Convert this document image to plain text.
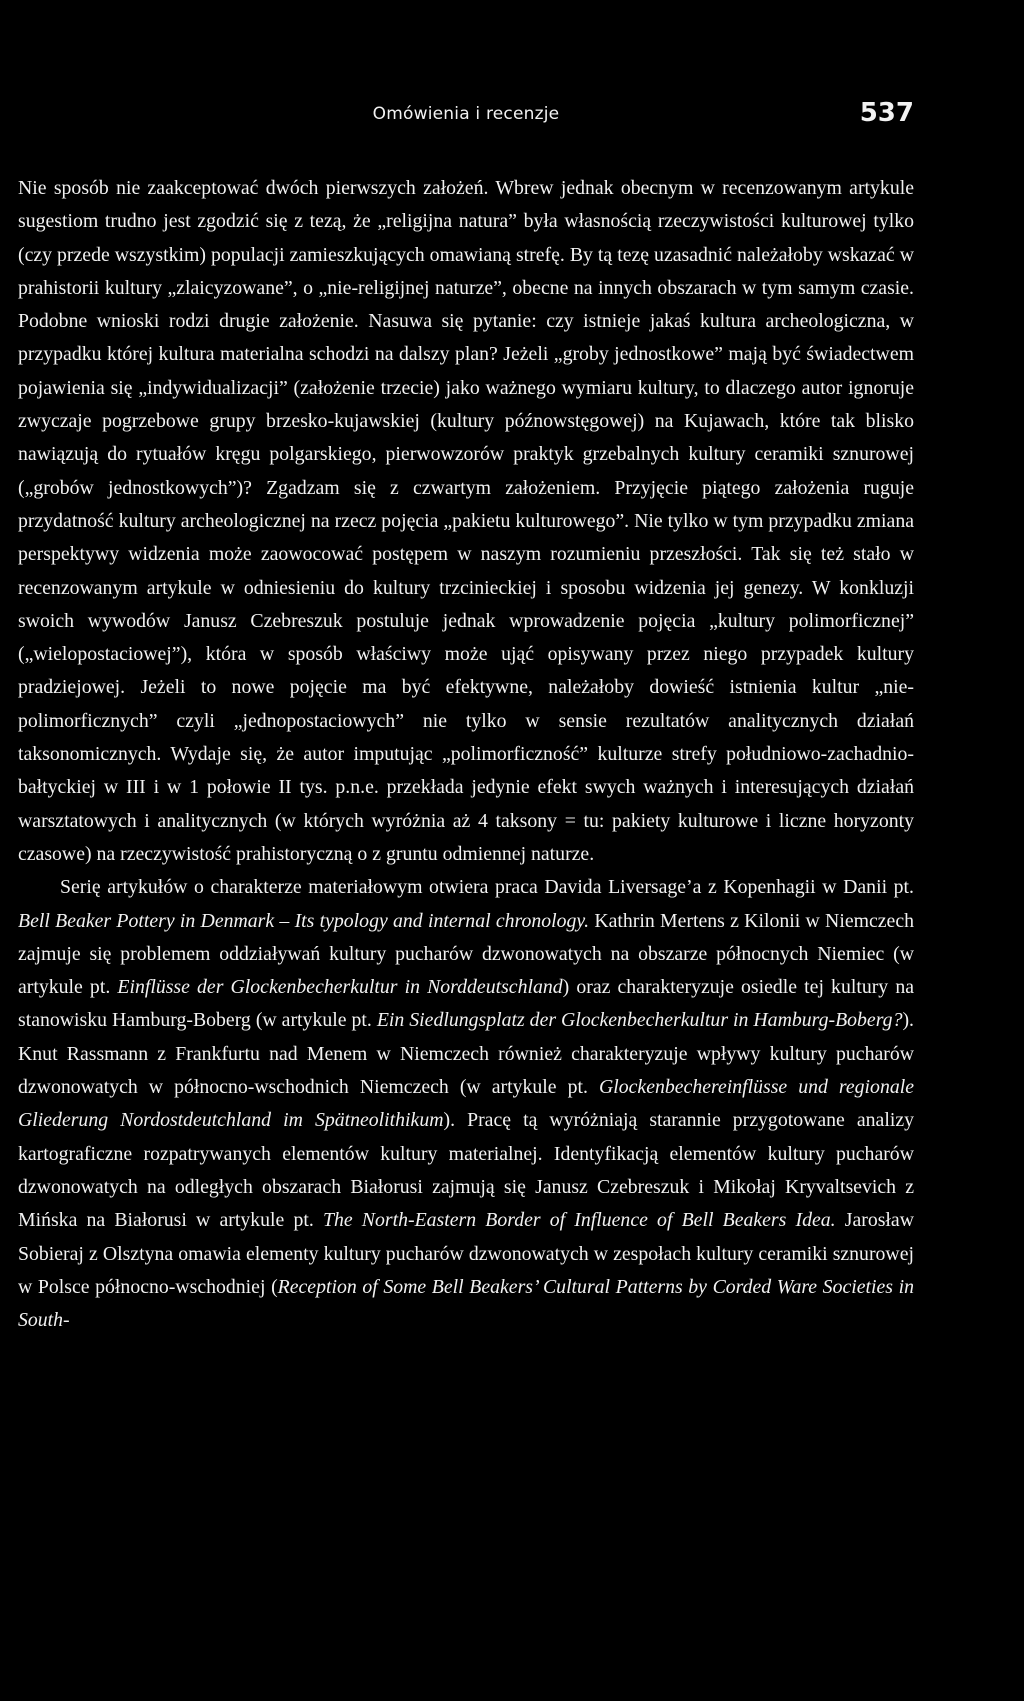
Omówienia i recenzje	537

Nie sposób nie zaakceptować dwóch pierwszych założeń. Wbrew jednak obecnym w recenzowanym artykule sugestiom trudno jest zgodzić się z tezą, że „religijna natura” była własnością rzeczywistości kulturowej tylko (czy przede wszystkim) populacji zamieszkujących omawianą strefę. By tą tezę uzasadnić należałoby wskazać w prahistorii kultury „zlaicyzowane”, o „nie-religijnej naturze”, obecne na innych obszarach w tym samym czasie. Podobne wnioski rodzi drugie założenie. Nasuwa się pytanie: czy istnieje jakaś kultura archeologiczna, w przypadku której kultura materialna schodzi na dalszy plan? Jeżeli „groby jednostkowe” mają być świadectwem pojawienia się „indywidualizacji” (założenie trzecie) jako ważnego wymiaru kultury, to dlaczego autor ignoruje zwyczaje pogrzebowe grupy brzesko-kujawskiej (kultury późnowstęgowej) na Kujawach, które tak blisko nawiązują do rytuałów kręgu polgarskiego, pierwowzorów praktyk grzebalnych kultury ceramiki sznurowej („grobów jednostkowych”)? Zgadzam się z czwartym założeniem. Przyjęcie piątego założenia ruguje przydatność kultury archeologicznej na rzecz pojęcia „pakietu kulturowego”. Nie tylko w tym przypadku zmiana perspektywy widzenia może zaowocować postępem w naszym rozumieniu przeszłości. Tak się też stało w recenzowanym artykule w odniesieniu do kultury trzcinieckiej i sposobu widzenia jej genezy. W konkluzji swoich wywodów Janusz Czebreszuk postuluje jednak wprowadzenie pojęcia „kultury polimorficznej” („wielopostaciowej”), która w sposób właściwy może ująć opisywany przez niego przypadek kultury pradziejowej. Jeżeli to nowe pojęcie ma być efektywne, należałoby dowieść istnienia kultur „nie-polimorficznych” czyli „jednopostaciowych” nie tylko w sensie rezultatów analitycznych działań taksonomicznych. Wydaje się, że autor imputując „polimorficzność” kulturze strefy południowo-zachadnio-bałtyckiej w III i w 1 połowie II tys. p.n.e. przekłada jedynie efekt swych ważnych i interesujących działań warsztatowych i analitycznych (w których wyróżnia aż 4 taksony = tu: pakiety kulturowe i liczne horyzonty czasowe) na rzeczywistość prahistoryczną o z gruntu odmiennej naturze.

Serię artykułów o charakterze materiałowym otwiera praca Davida Liversage’a z Kopenhagii w Danii pt. Bell Beaker Pottery in Denmark – Its typology and internal chronology. Kathrin Mertens z Kilonii w Niemczech zajmuje się problemem oddziaływań kultury pucharów dzwonowatych na obszarze północnych Niemiec (w artykule pt. Einflüsse der Glockenbecherkultur in Norddeutschland) oraz charakteryzuje osiedle tej kultury na stanowisku Hamburg-Boberg (w artykule pt. Ein Siedlungsplatz der Glockenbecherkultur in Hamburg-Boberg?). Knut Rassmann z Frankfurtu nad Menem w Niemczech również charakteryzuje wpływy kultury pucharów dzwonowatych w północno-wschodnich Niemczech (w artykule pt. Glockenbechereinflüsse und regionale Gliederung Nordostdeutchland im Spätneolithikum). Pracę tą wyróżniają starannie przygotowane analizy kartograficzne rozpatrywanych elementów kultury materialnej. Identyfikacją elementów kultury pucharów dzwonowatych na odległych obszarach Białorusi zajmują się Janusz Czebreszuk i Mikołaj Kryvaltsevich z Mińska na Białorusi w artykule pt. The North-Eastern Border of Influence of Bell Beakers Idea. Jarosław Sobieraj z Olsztyna omawia elementy kultury pucharów dzwonowatych w zespołach kultury ceramiki sznurowej w Polsce północno-wschodniej (Reception of Some Bell Beakers’ Cultural Patterns by Corded Ware Societies in South-
